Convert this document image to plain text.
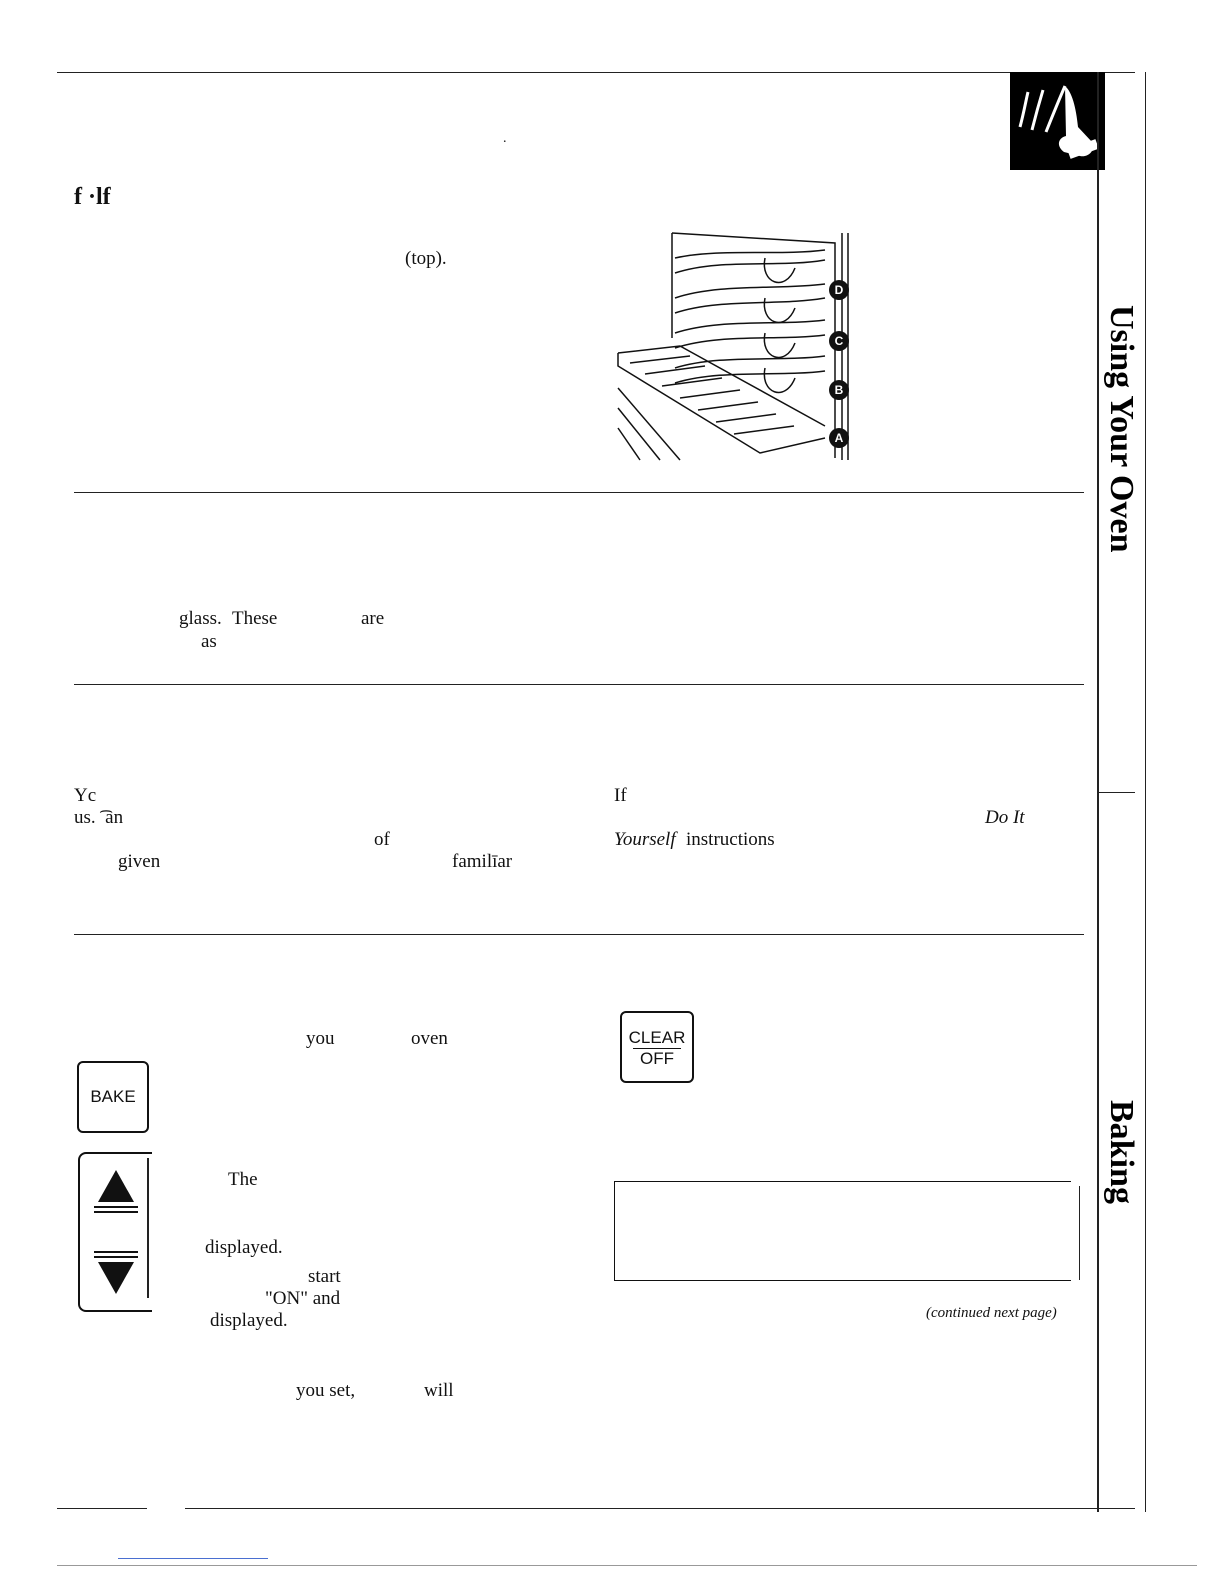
.
Using Your Oven
Baking
f ·lf
(top).
D
C
B
A
glass. These	are
as
Yc
us. ͡ an
of
given	familīar
If
Do It
Yourself instructions
you	oven
BAKE
The
displayed.
start
"ON" and
displayed.
you set,	will
CLEAR
OFF
(continued next page)
